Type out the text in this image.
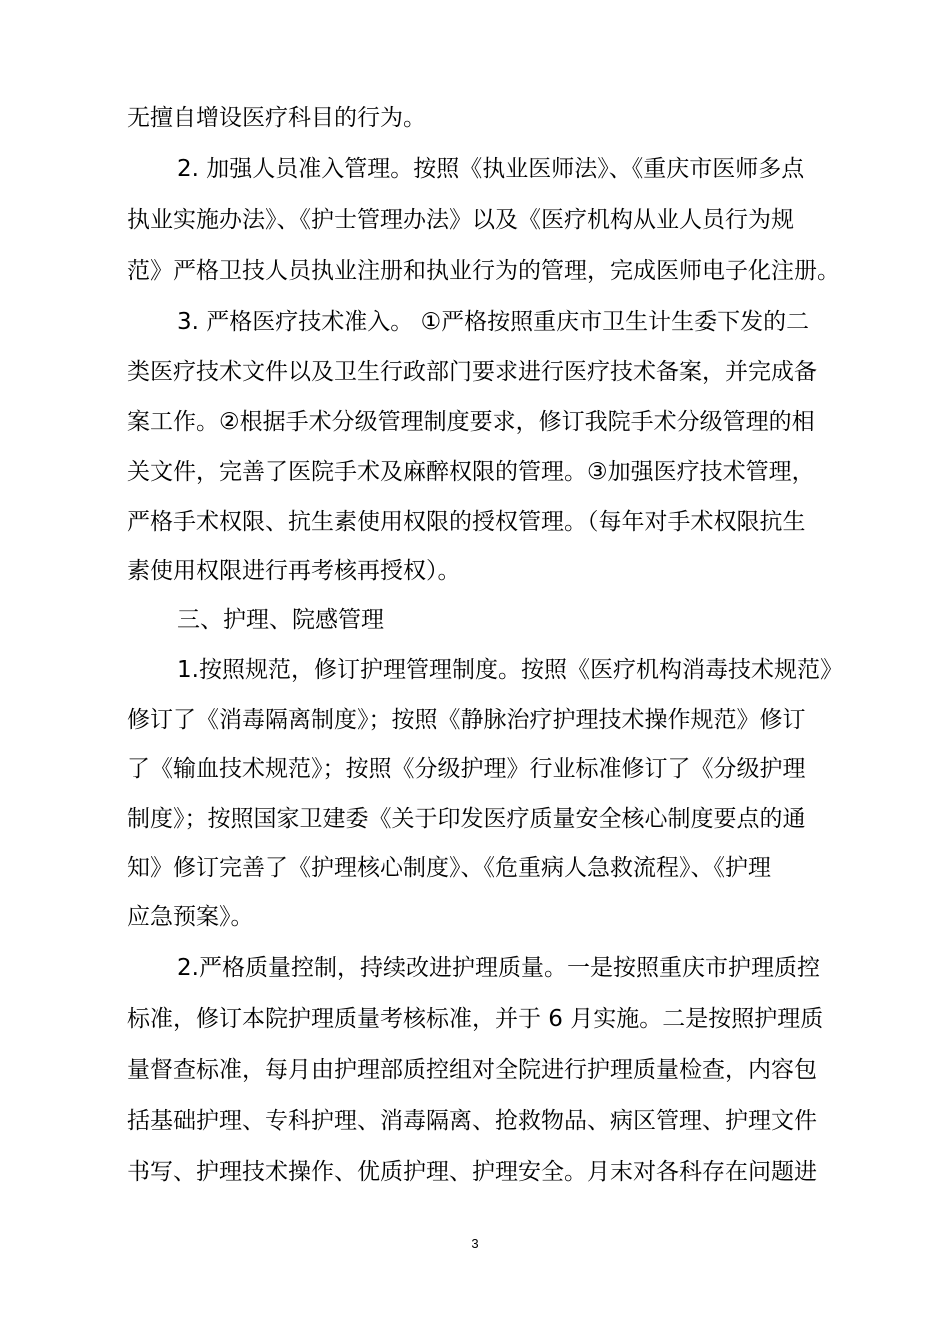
无擅自增设医疗科目的行为。
2. 加强人员准入管理。按照《执业医师法》、《重庆市医师多点
执业实施办法》、《护士管理办法》以及《医疗机构从业人员行为规
范》严格卫技人员执业注册和执业行为的管理，完成医师电子化注册。
3. 严格医疗技术准入。 ①严格按照重庆市卫生计生委下发的二
类医疗技术文件以及卫生行政部门要求进行医疗技术备案，并完成备
案工作。②根据手术分级管理制度要求，修订我院手术分级管理的相
关文件，完善了医院手术及麻醉权限的管理。③加强医疗技术管理，
严格手术权限、抗生素使用权限的授权管理。（每年对手术权限抗生
素使用权限进行再考核再授权）。
三、护理、院感管理
1.按照规范，修订护理管理制度。按照《医疗机构消毒技术规范》
修订了《消毒隔离制度》；按照《静脉治疗护理技术操作规范》修订
了《输血技术规范》；按照《分级护理》行业标准修订了《分级护理
制度》；按照国家卫建委《关于印发医疗质量安全核心制度要点的通
知》修订完善了《护理核心制度》、《危重病人急救流程》、《护理
应急预案》。
2.严格质量控制，持续改进护理质量。一是按照重庆市护理质控
标准，修订本院护理质量考核标准，并于 6 月实施。二是按照护理质
量督查标准，每月由护理部质控组对全院进行护理质量检查，内容包
括基础护理、专科护理、消毒隔离、抢救物品、病区管理、护理文件
书写、护理技术操作、优质护理、护理安全。月末对各科存在问题进
3
